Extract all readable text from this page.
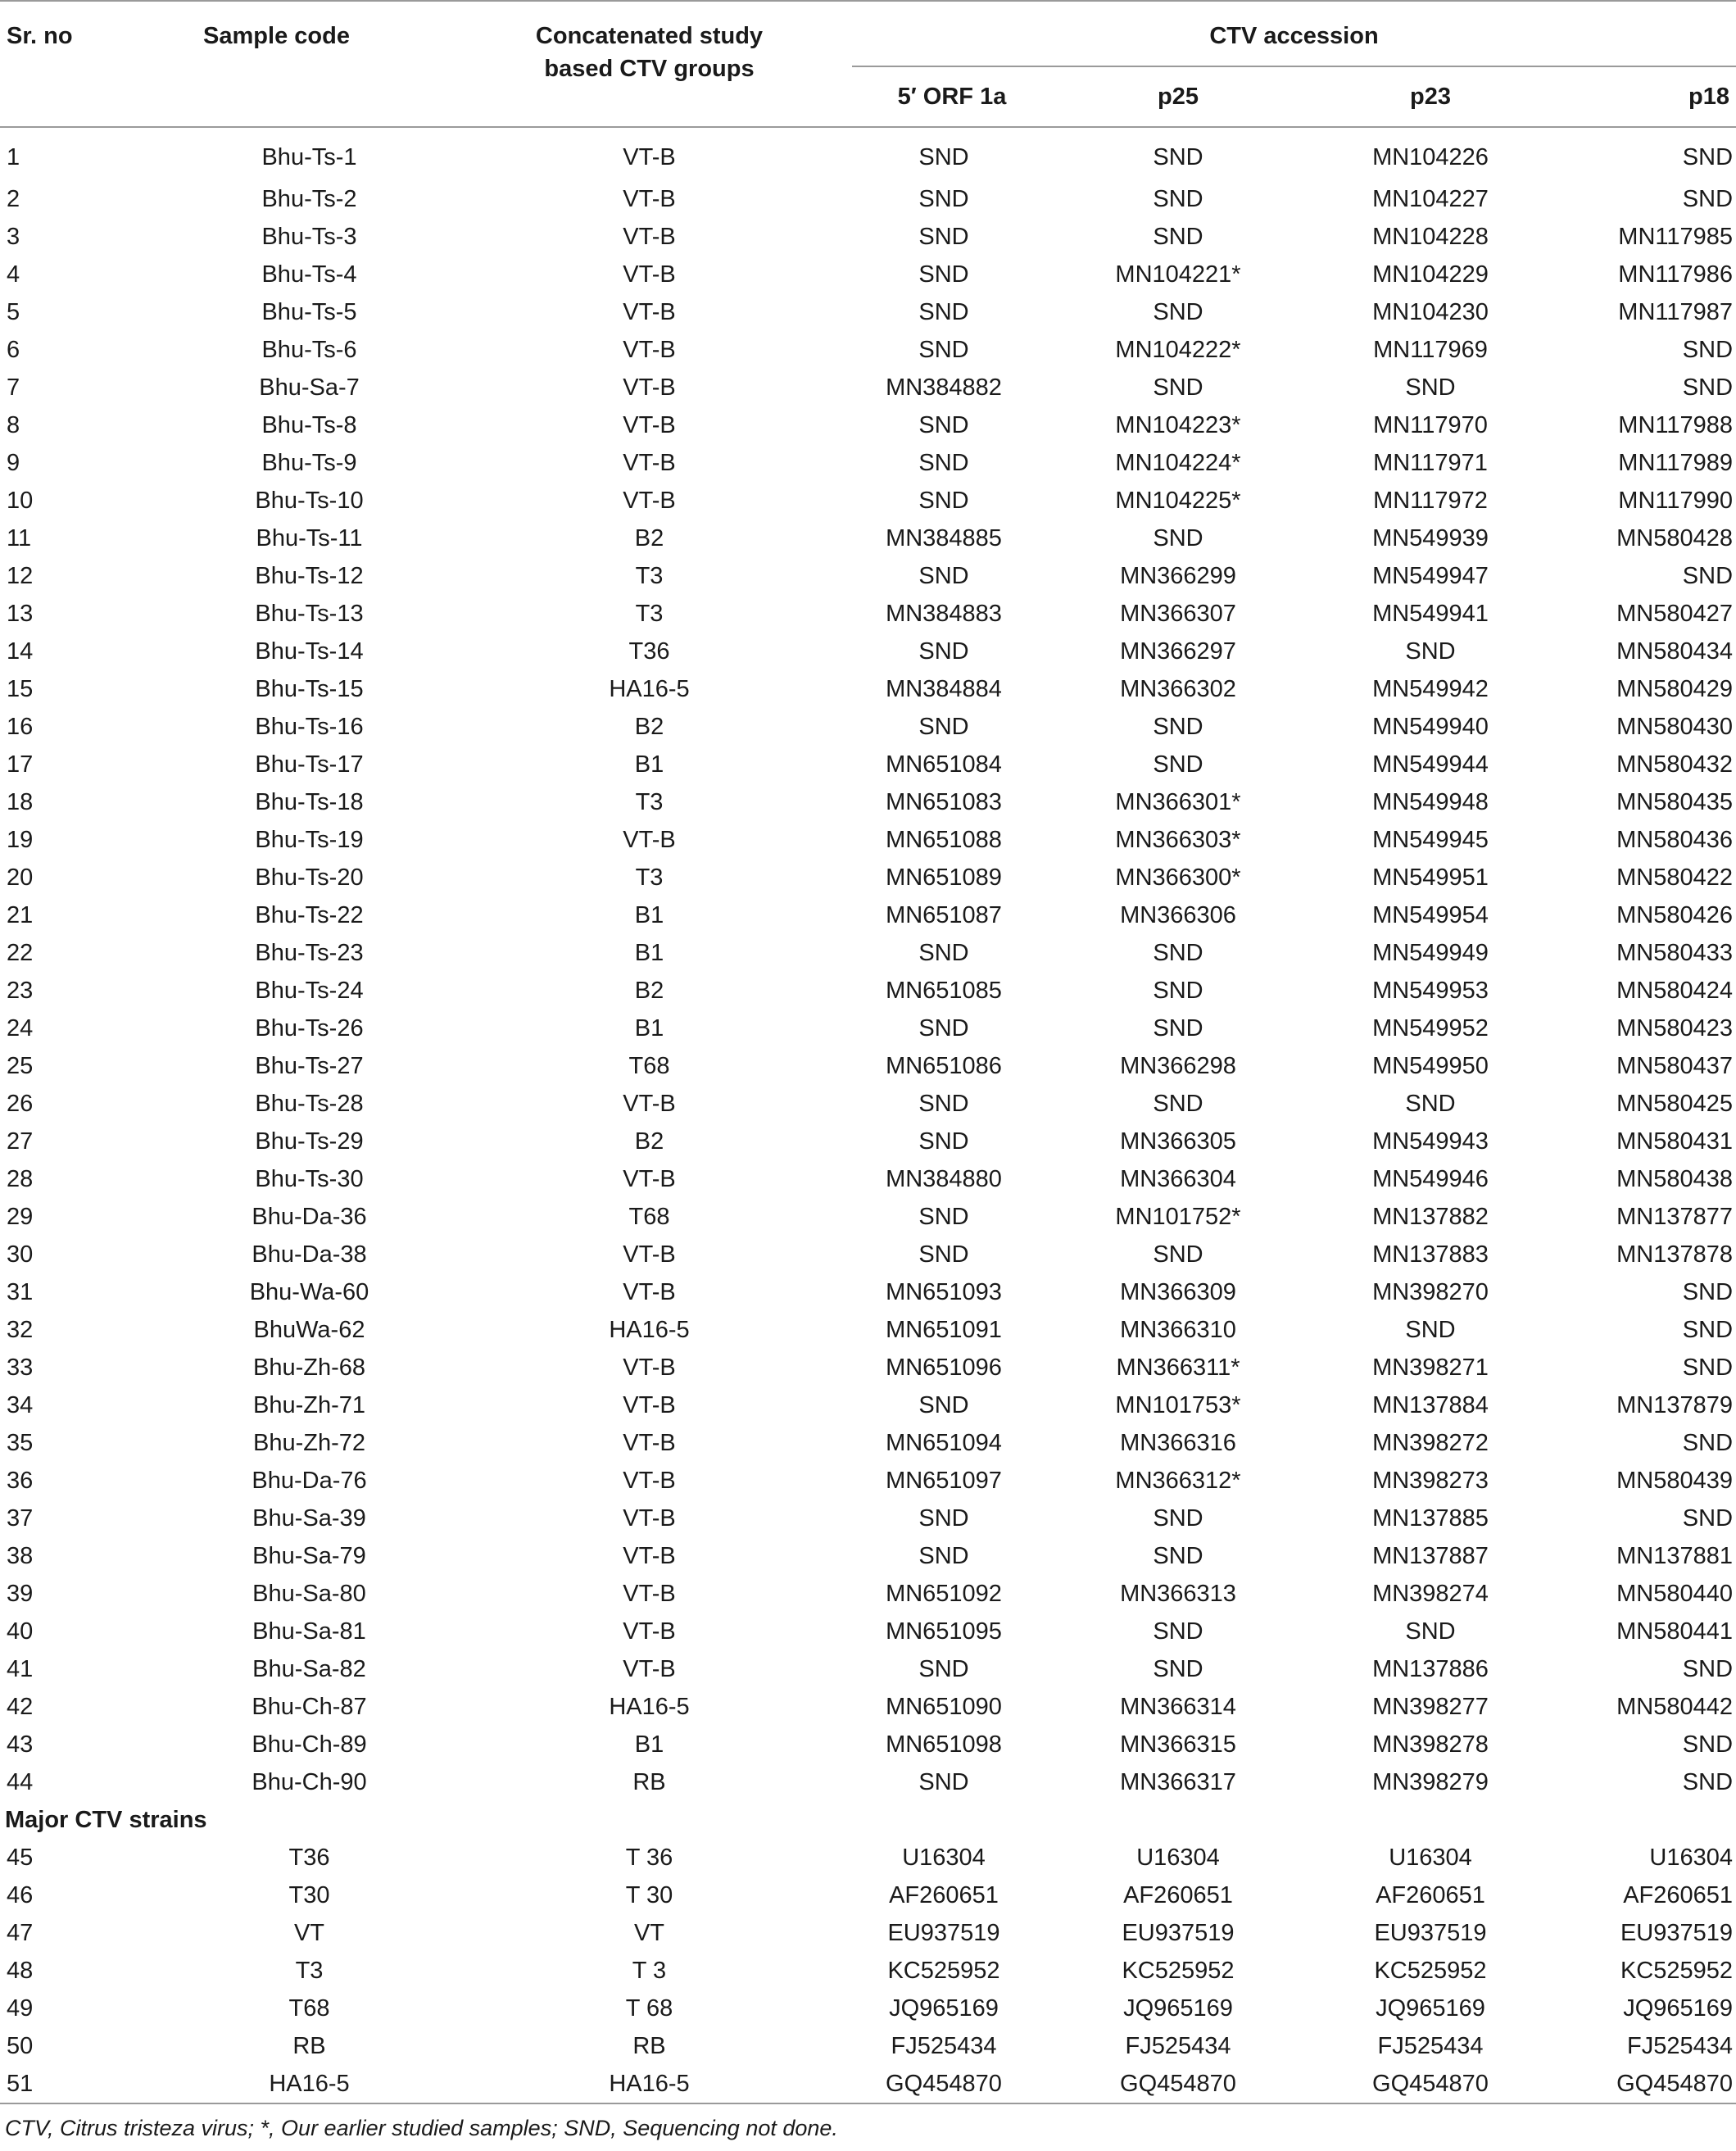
Sr. no	Sample code	Concatenated study
based CTV groups	CTV accession			
			5′ ORF 1a	p25	p23	p18
1	Bhu-Ts-1	VT-B	SND	SND	MN104226	SND
2	Bhu-Ts-2	VT-B	SND	SND	MN104227	SND
3	Bhu-Ts-3	VT-B	SND	SND	MN104228	MN117985
4	Bhu-Ts-4	VT-B	SND	MN104221*	MN104229	MN117986
5	Bhu-Ts-5	VT-B	SND	SND	MN104230	MN117987
6	Bhu-Ts-6	VT-B	SND	MN104222*	MN117969	SND
7	Bhu-Sa-7	VT-B	MN384882	SND	SND	SND
8	Bhu-Ts-8	VT-B	SND	MN104223*	MN117970	MN117988
9	Bhu-Ts-9	VT-B	SND	MN104224*	MN117971	MN117989
10	Bhu-Ts-10	VT-B	SND	MN104225*	MN117972	MN117990
11	Bhu-Ts-11	B2	MN384885	SND	MN549939	MN580428
12	Bhu-Ts-12	T3	SND	MN366299	MN549947	SND
13	Bhu-Ts-13	T3	MN384883	MN366307	MN549941	MN580427
14	Bhu-Ts-14	T36	SND	MN366297	SND	MN580434
15	Bhu-Ts-15	HA16-5	MN384884	MN366302	MN549942	MN580429
16	Bhu-Ts-16	B2	SND	SND	MN549940	MN580430
17	Bhu-Ts-17	B1	MN651084	SND	MN549944	MN580432
18	Bhu-Ts-18	T3	MN651083	MN366301*	MN549948	MN580435
19	Bhu-Ts-19	VT-B	MN651088	MN366303*	MN549945	MN580436
20	Bhu-Ts-20	T3	MN651089	MN366300*	MN549951	MN580422
21	Bhu-Ts-22	B1	MN651087	MN366306	MN549954	MN580426
22	Bhu-Ts-23	B1	SND	SND	MN549949	MN580433
23	Bhu-Ts-24	B2	MN651085	SND	MN549953	MN580424
24	Bhu-Ts-26	B1	SND	SND	MN549952	MN580423
25	Bhu-Ts-27	T68	MN651086	MN366298	MN549950	MN580437
26	Bhu-Ts-28	VT-B	SND	SND	SND	MN580425
27	Bhu-Ts-29	B2	SND	MN366305	MN549943	MN580431
28	Bhu-Ts-30	VT-B	MN384880	MN366304	MN549946	MN580438
29	Bhu-Da-36	T68	SND	MN101752*	MN137882	MN137877
30	Bhu-Da-38	VT-B	SND	SND	MN137883	MN137878
31	Bhu-Wa-60	VT-B	MN651093	MN366309	MN398270	SND
32	BhuWa-62	HA16-5	MN651091	MN366310	SND	SND
33	Bhu-Zh-68	VT-B	MN651096	MN366311*	MN398271	SND
34	Bhu-Zh-71	VT-B	SND	MN101753*	MN137884	MN137879
35	Bhu-Zh-72	VT-B	MN651094	MN366316	MN398272	SND
36	Bhu-Da-76	VT-B	MN651097	MN366312*	MN398273	MN580439
37	Bhu-Sa-39	VT-B	SND	SND	MN137885	SND
38	Bhu-Sa-79	VT-B	SND	SND	MN137887	MN137881
39	Bhu-Sa-80	VT-B	MN651092	MN366313	MN398274	MN580440
40	Bhu-Sa-81	VT-B	MN651095	SND	SND	MN580441
41	Bhu-Sa-82	VT-B	SND	SND	MN137886	SND
42	Bhu-Ch-87	HA16-5	MN651090	MN366314	MN398277	MN580442
43	Bhu-Ch-89	B1	MN651098	MN366315	MN398278	SND
44	Bhu-Ch-90	RB	SND	MN366317	MN398279	SND
Major CTV strains						
45	T36	T 36	U16304	U16304	U16304	U16304
46	T30	T 30	AF260651	AF260651	AF260651	AF260651
47	VT	VT	EU937519	EU937519	EU937519	EU937519
48	T3	T 3	KC525952	KC525952	KC525952	KC525952
49	T68	T 68	JQ965169	JQ965169	JQ965169	JQ965169
50	RB	RB	FJ525434	FJ525434	FJ525434	FJ525434
51	HA16-5	HA16-5	GQ454870	GQ454870	GQ454870	GQ454870
CTV, Citrus tristeza virus; *, Our earlier studied samples; SND, Sequencing not done.
